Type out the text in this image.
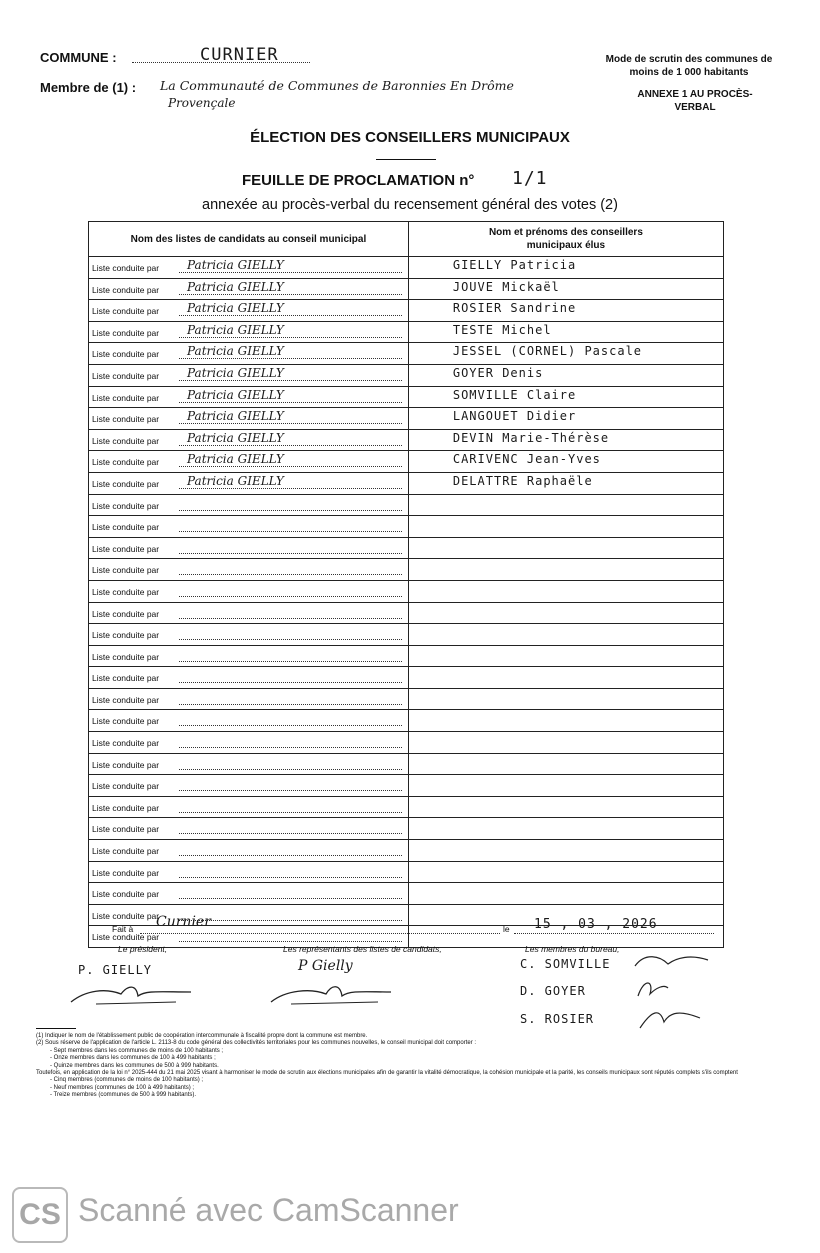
COMMUNE :	CURNIER
Membre de (1) : La Communauté de Communes de Baronnies En Drôme
Provençale
Mode de scrutin des communes de moins de 1 000 habitants
ANNEXE 1 AU PROCÈS-VERBAL
ÉLECTION DES CONSEILLERS MUNICIPAUX
FEUILLE DE PROCLAMATION n° 1/1
annexée au procès-verbal du recensement général des votes (2)
Nom des listes de candidats au conseil municipal	Nom et prénoms des conseillers municipaux élus

Liste conduite par Patricia GIELLY	GIELLY Patricia

Liste conduite par Patricia GIELLY	JOUVE Mickaël

Liste conduite par Patricia GIELLY	ROSIER Sandrine

Liste conduite par Patricia GIELLY	TESTE Michel

Liste conduite par Patricia GIELLY	JESSEL (CORNEL) Pascale

Liste conduite par Patricia GIELLY	GOYER Denis

Liste conduite par Patricia GIELLY	SOMVILLE Claire

Liste conduite par Patricia GIELLY	LANGOUET Didier

Liste conduite par Patricia GIELLY	DEVIN Marie-Thérèse

Liste conduite par Patricia GIELLY	CARIVENC Jean-Yves

Liste conduite par Patricia GIELLY	DELATTRE Raphaële

Liste conduite par	

Liste conduite par	

Liste conduite par	

Liste conduite par	

Liste conduite par	

Liste conduite par	

Liste conduite par	

Liste conduite par	

Liste conduite par	

Liste conduite par	

Liste conduite par	

Liste conduite par	

Liste conduite par	

Liste conduite par	

Liste conduite par	

Liste conduite par	

Liste conduite par	

Liste conduite par	

Liste conduite par	

Liste conduite par	

Liste conduite par	

Fait à Curnier	le 15 , 03 , 2026
Le président,	Les représentants des listes de candidats,	Les membres du bureau,
P. GIELLY	P Gielly	C. SOMVILLE
D. GOYER
S. ROSIER
(1) Indiquer le nom de l'établissement public de coopération intercommunale à fiscalité propre dont la commune est membre.
(2) Sous réserve de l'application de l'article L. 2113-8 du code général des collectivités territoriales pour les communes nouvelles, le conseil municipal doit comporter :
- Sept membres dans les communes de moins de 100 habitants ;
- Onze membres dans les communes de 100 à 499 habitants ;
- Quinze membres dans les communes de 500 à 999 habitants.
Toutefois, en application de la loi n° 2025-444 du 21 mai 2025 visant à harmoniser le mode de scrutin aux élections municipales afin de garantir la vitalité démocratique, la cohésion municipale et la parité, les conseils municipaux sont réputés complets s'ils comptent
- Cinq membres (communes de moins de 100 habitants) ;
- Neuf membres (communes de 100 à 499 habitants) ;
- Treize membres (communes de 500 à 999 habitants).
CS Scanné avec CamScanner
